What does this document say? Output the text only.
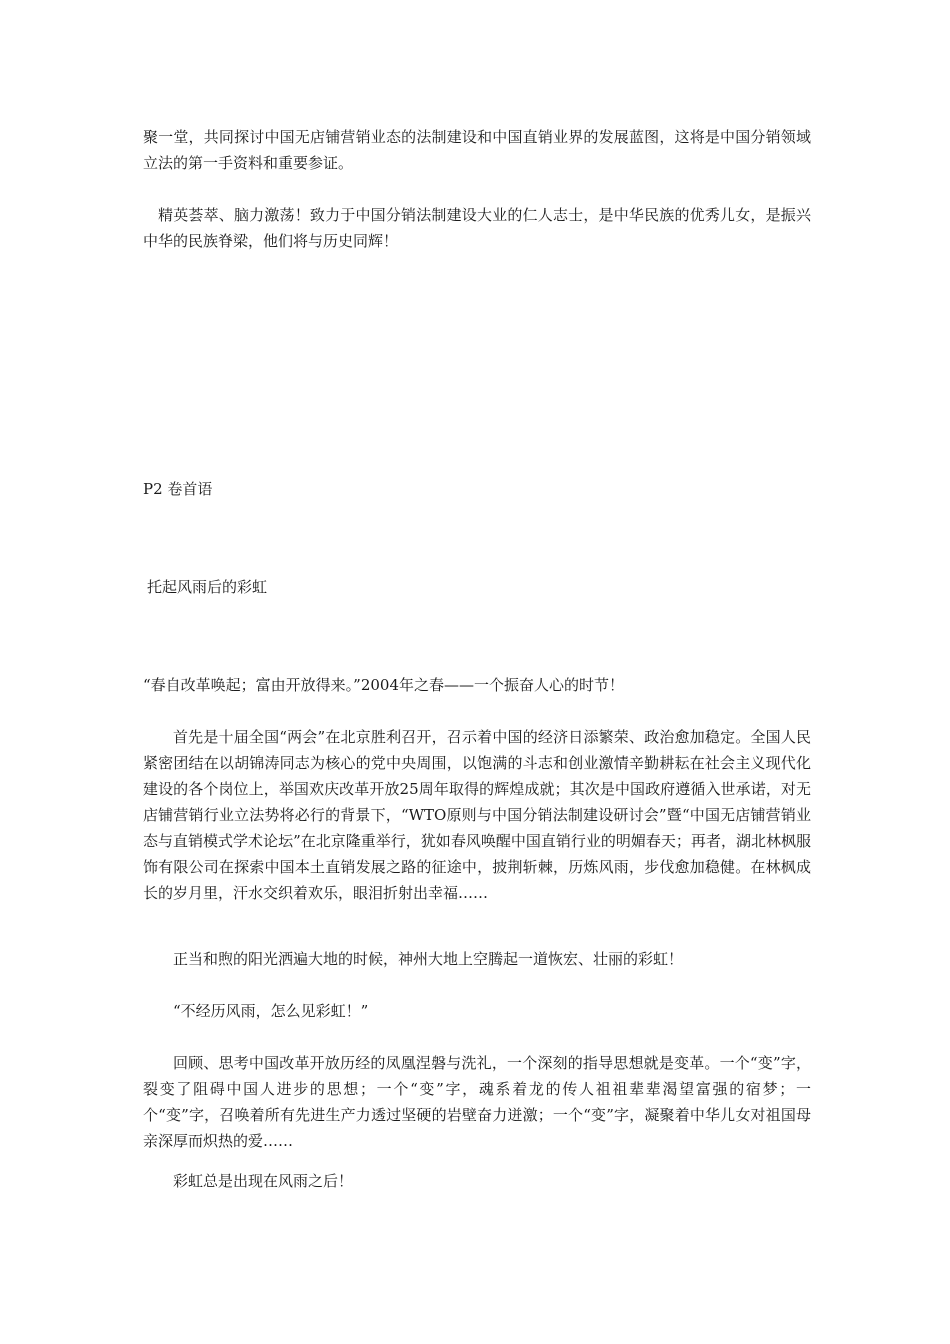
聚一堂，共同探讨中国无店铺营销业态的法制建设和中国直销业界的发展蓝图，这将是中国分销领域立法的第一手资料和重要参证。

精英荟萃、脑力激荡！致力于中国分销法制建设大业的仁人志士，是中华民族的优秀儿女，是振兴中华的民族脊梁，他们将与历史同辉！

P2 卷首语

托起风雨后的彩虹

“春自改革唤起；富由开放得来。”2004年之春——一个振奋人心的时节！

首先是十届全国“两会”在北京胜利召开，召示着中国的经济日添繁荣、政治愈加稳定。全国人民紧密团结在以胡锦涛同志为核心的党中央周围，以饱满的斗志和创业激情辛勤耕耘在社会主义现代化建设的各个岗位上，举国欢庆改革开放25周年取得的辉煌成就；其次是中国政府遵循入世承诺，对无店铺营销行业立法势将必行的背景下，“WTO原则与中国分销法制建设研讨会”暨“中国无店铺营销业态与直销模式学术论坛”在北京隆重举行，犹如春风唤醒中国直销行业的明媚春天；再者，湖北林枫服饰有限公司在探索中国本土直销发展之路的征途中，披荆斩棘，历炼风雨，步伐愈加稳健。在林枫成长的岁月里，汗水交织着欢乐，眼泪折射出幸福……

正当和煦的阳光洒遍大地的时候，神州大地上空腾起一道恢宏、壮丽的彩虹！

“不经历风雨，怎么见彩虹！”

回顾、思考中国改革开放历经的凤凰涅磐与洗礼，一个深刻的指导思想就是变革。一个“变”字，裂变了阻碍中国人进步的思想；一个“变”字，魂系着龙的传人祖祖辈辈渴望富强的宿梦；一个“变”字，召唤着所有先进生产力透过坚硬的岩壁奋力迸激；一个“变”字，凝聚着中华儿女对祖国母亲深厚而炽热的爱……

彩虹总是出现在风雨之后！
